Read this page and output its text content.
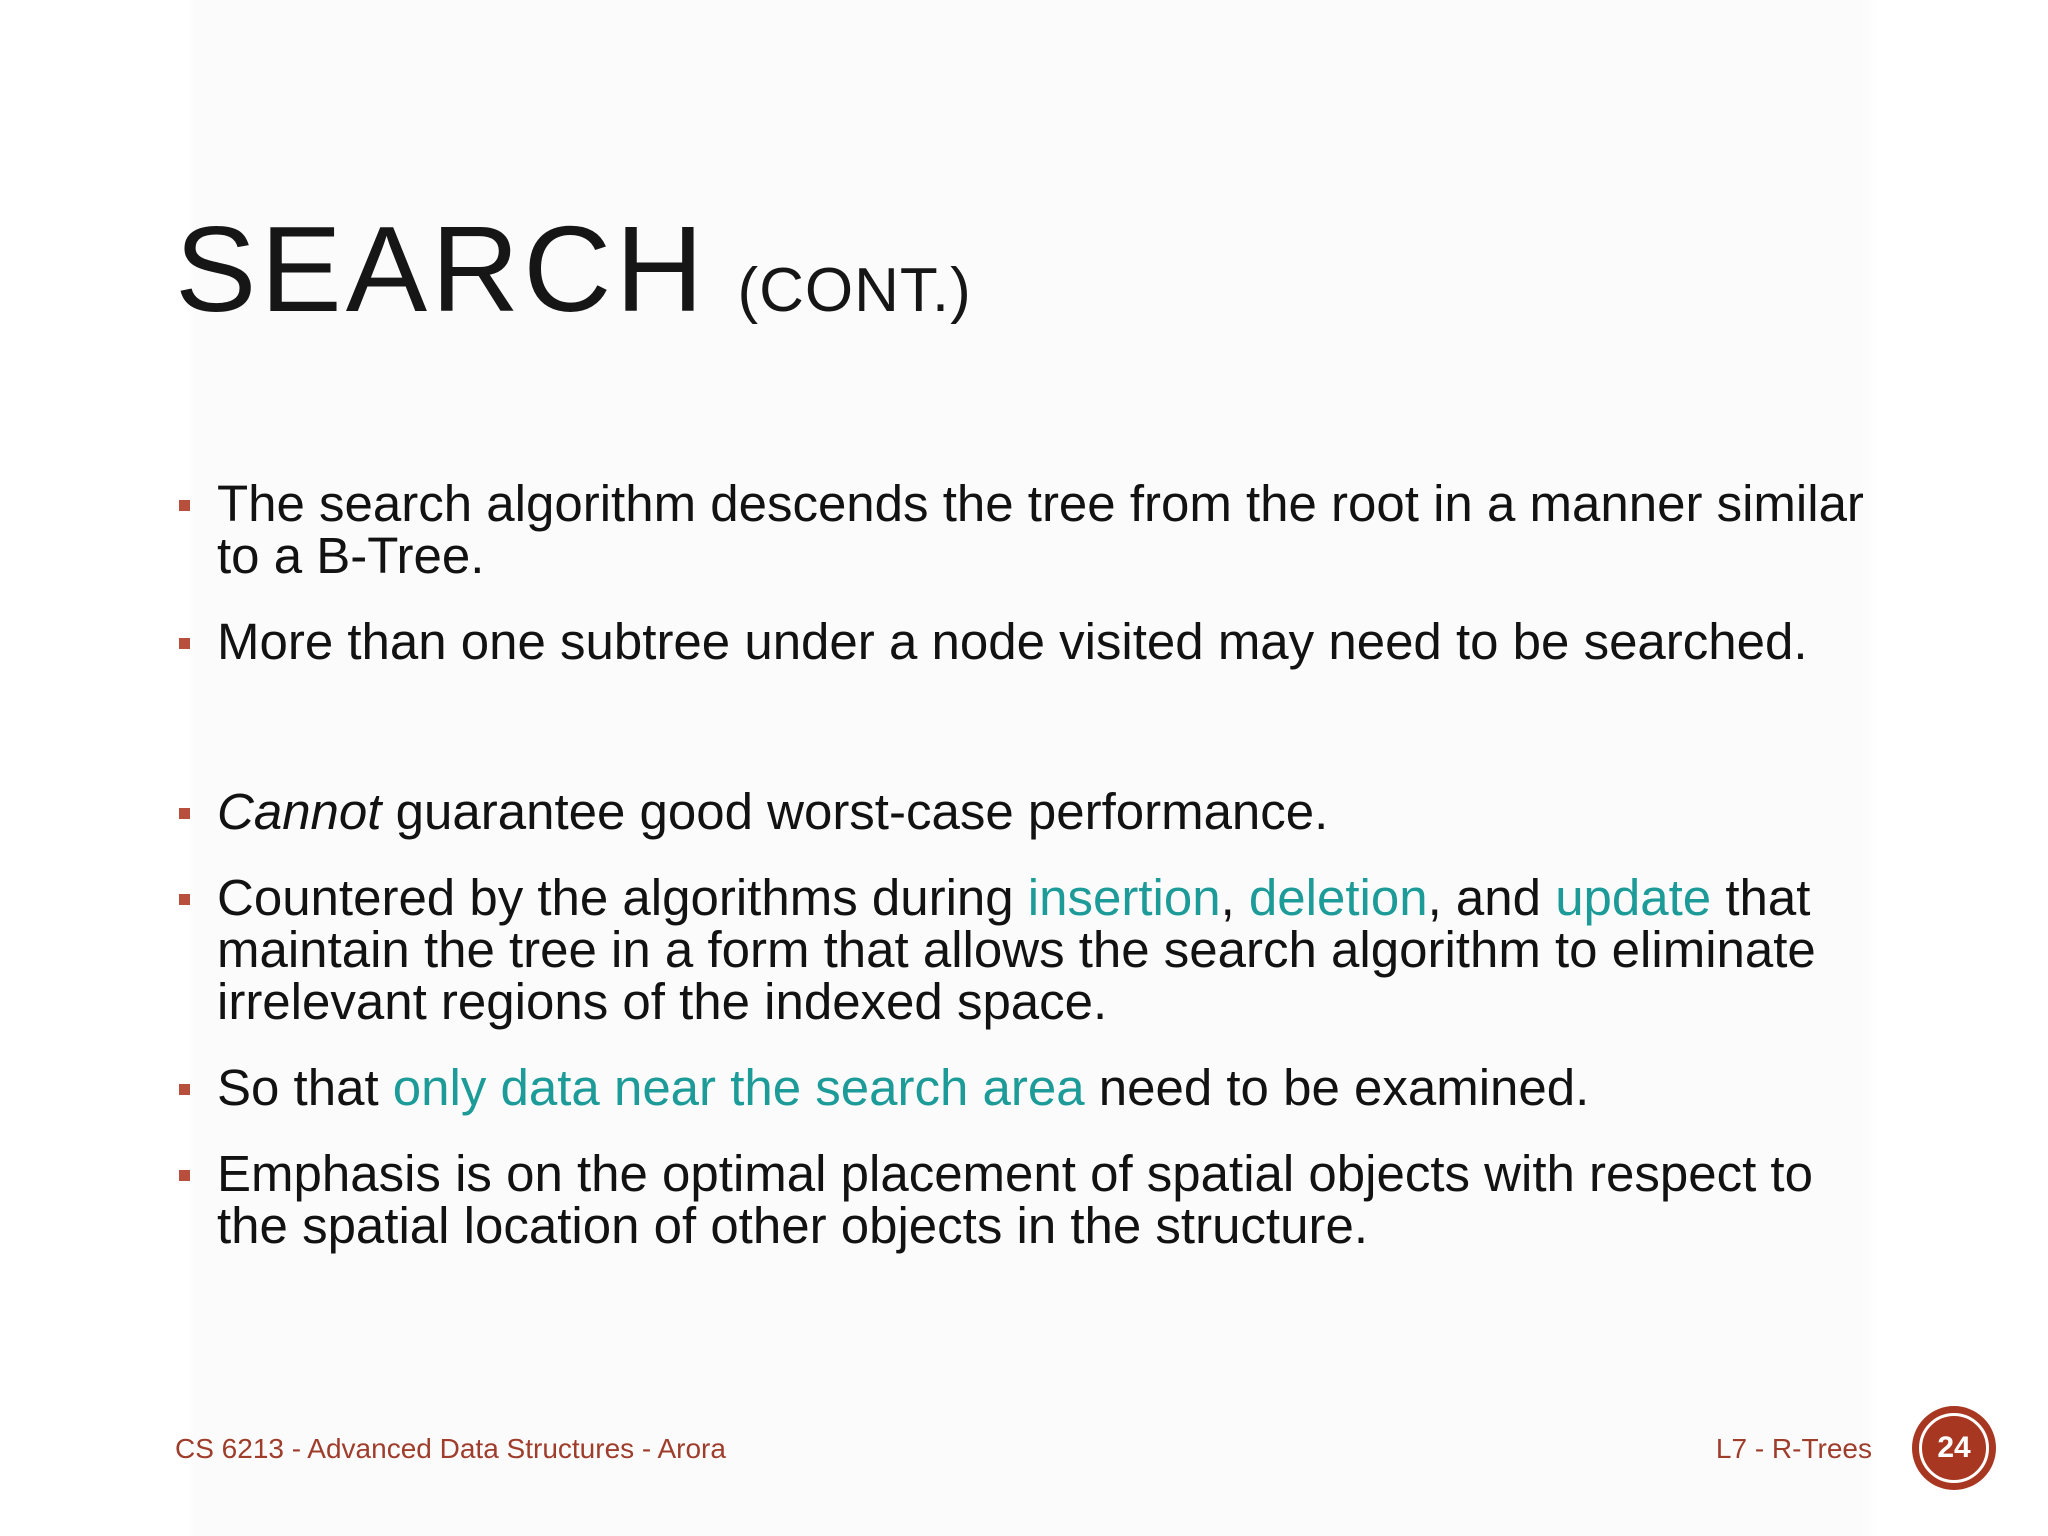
SEARCH (CONT.)
The search algorithm descends the tree from the root in a manner similar to a B-Tree.
More than one subtree under a node visited may need to be searched.
Cannot guarantee good worst-case performance.
Countered by the algorithms during insertion, deletion, and update that maintain the tree in a form that allows the search algorithm to eliminate irrelevant regions of the indexed space.
So that only data near the search area need to be examined.
Emphasis is on the optimal placement of spatial objects with respect to the spatial location of other objects in the structure.
CS 6213 - Advanced Data Structures - Arora	L7 - R-Trees	24
